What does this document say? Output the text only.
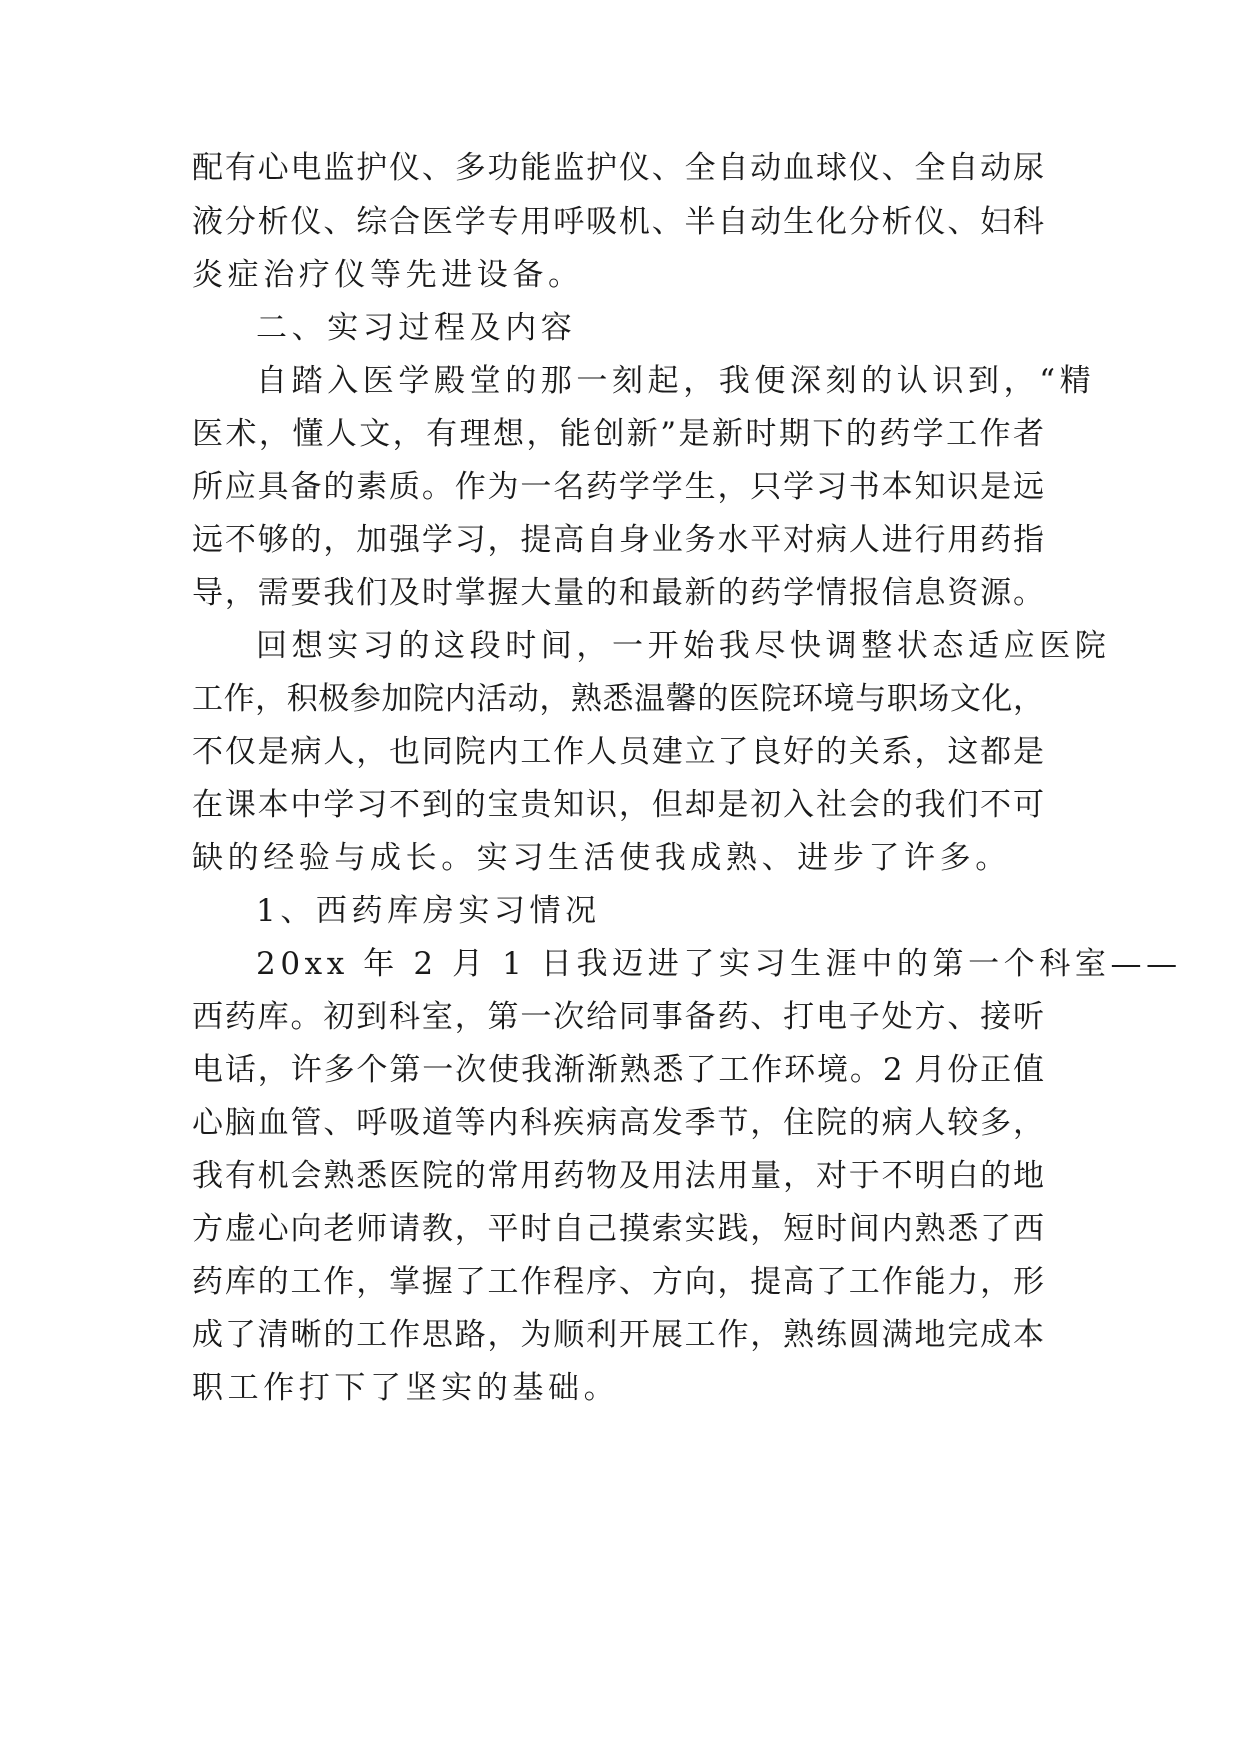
配有心电监护仪、多功能监护仪、全自动血球仪、全自动尿
液分析仪、综合医学专用呼吸机、半自动生化分析仪、妇科
炎症治疗仪等先进设备。
二、实习过程及内容
自踏入医学殿堂的那一刻起，我便深刻的认识到，“精
医术，懂人文，有理想，能创新”是新时期下的药学工作者
所应具备的素质。作为一名药学学生，只学习书本知识是远
远不够的，加强学习，提高自身业务水平对病人进行用药指
导，需要我们及时掌握大量的和最新的药学情报信息资源。
回想实习的这段时间，一开始我尽快调整状态适应医院
工作，积极参加院内活动，熟悉温馨的医院环境与职场文化，
不仅是病人，也同院内工作人员建立了良好的关系，这都是
在课本中学习不到的宝贵知识，但却是初入社会的我们不可
缺的经验与成长。实习生活使我成熟、进步了许多。
1、西药库房实习情况
20xx 年 2 月 1 日我迈进了实习生涯中的第一个科室——
西药库。初到科室，第一次给同事备药、打电子处方、接听
电话，许多个第一次使我渐渐熟悉了工作环境。2 月份正值
心脑血管、呼吸道等内科疾病高发季节，住院的病人较多，
我有机会熟悉医院的常用药物及用法用量，对于不明白的地
方虚心向老师请教，平时自己摸索实践，短时间内熟悉了西
药库的工作，掌握了工作程序、方向，提高了工作能力，形
成了清晰的工作思路，为顺利开展工作，熟练圆满地完成本
职工作打下了坚实的基础。
